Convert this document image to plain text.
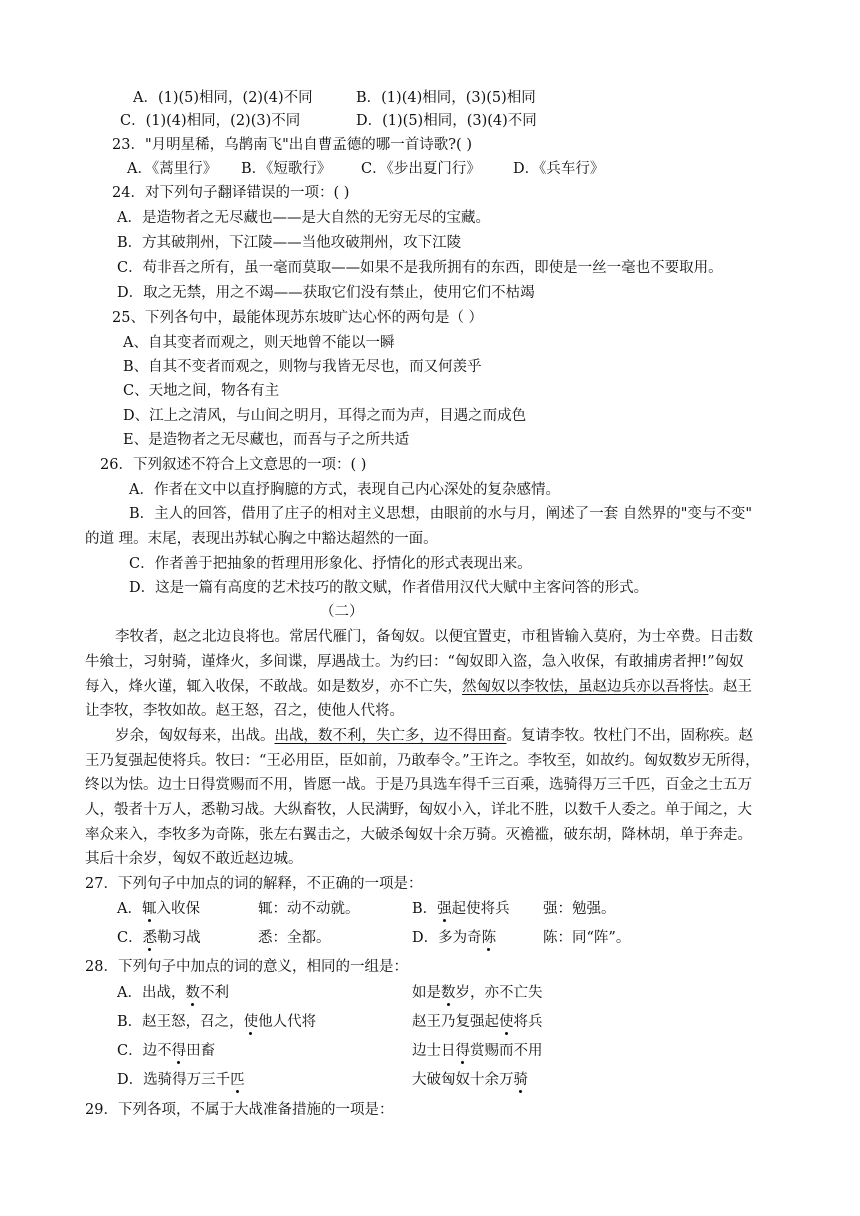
A．(1)(5)相同，(2)(4)不同	B．(1)(4)相同，(3)(5)相同
C．(1)(4)相同，(2)(3)不同	D．(1)(5)相同，(3)(4)不同
23．"月明星稀，乌鹊南飞"出自曹孟德的哪一首诗歌?( )
A．《蒿里行》 B．《短歌行》 C．《步出夏门行》 D．《兵车行》
24．对下列句子翻译错误的一项：( )
A．是造物者之无尽藏也——是大自然的无穷无尽的宝藏。
B．方其破荆州，下江陵——当他攻破荆州，攻下江陵
C．苟非吾之所有，虽一毫而莫取——如果不是我所拥有的东西，即使是一丝一毫也不要取用。
D．取之无禁，用之不竭——获取它们没有禁止，使用它们不枯竭
25、下列各句中，最能体现苏东坡旷达心怀的两句是（ ）
A、自其变者而观之，则天地曾不能以一瞬
B、自其不变者而观之，则物与我皆无尽也，而又何羡乎
C、天地之间，物各有主
D、江上之清风，与山间之明月，耳得之而为声，目遇之而成色
E、是造物者之无尽藏也，而吾与子之所共适
26．下列叙述不符合上文意思的一项：( )
A．作者在文中以直抒胸臆的方式，表现自己内心深处的复杂感情。
B．主人的回答，借用了庄子的相对主义思想，由眼前的水与月，阐述了一套 自然界的"变与不变"
的道 理。末尾，表现出苏轼心胸之中豁达超然的一面。
C．作者善于把抽象的哲理用形象化、抒情化的形式表现出来。
D．这是一篇有高度的艺术技巧的散文赋，作者借用汉代大赋中主客问答的形式。
（二）
李牧者，赵之北边良将也。常居代雁门，备匈奴。以便宜置吏，市租皆输入莫府，为士卒费。日击数
牛飨士，习射骑，谨烽火，多间谍，厚遇战士。为约曰：“匈奴即入盗，急入收保，有敢捕虏者押!”匈奴
每入，烽火谨，辄入收保，不敢战。如是数岁，亦不亡失，然匈奴以李牧怯，虽赵边兵亦以吾将怯。赵王
让李牧，李牧如故。赵王怒，召之，使他人代将。
岁余，匈奴每来，出战。出战，数不利，失亡多，边不得田畜。复请李牧。牧杜门不出，固称疾。赵
王乃复强起使将兵。牧曰：“王必用臣，臣如前，乃敢奉令。”王许之。李牧至，如故约。匈奴数岁无所得，
终以为怯。边士日得赏赐而不用，皆愿一战。于是乃具选车得千三百乘，选骑得万三千匹，百金之士五万
人，彀者十万人，悉勒习战。大纵畜牧，人民满野，匈奴小入，详北不胜，以数千人委之。单于闻之，大
率众来入，李牧多为奇陈，张左右翼击之，大破杀匈奴十余万骑。灭襜褴，破东胡，降林胡，单于奔走。
其后十余岁，匈奴不敢近赵边城。
27．下列句子中加点的词的解释，不正确的一项是：
A．辄入收保	辄：动不动就。	B．强起使将兵 强：勉强。
C．悉勒习战	悉：全都。	D．多为奇陈	陈：同“阵”。
28．下列句子中加点的词的意义，相同的一组是：
A．出战，数不利	如是数岁，亦不亡失
B．赵王怒，召之，使他人代将	赵王乃复强起使将兵
C．边不得田畜	边士日得赏赐而不用
D．选骑得万三千匹	大破匈奴十余万骑
29．下列各项，不属于大战准备措施的一项是：
